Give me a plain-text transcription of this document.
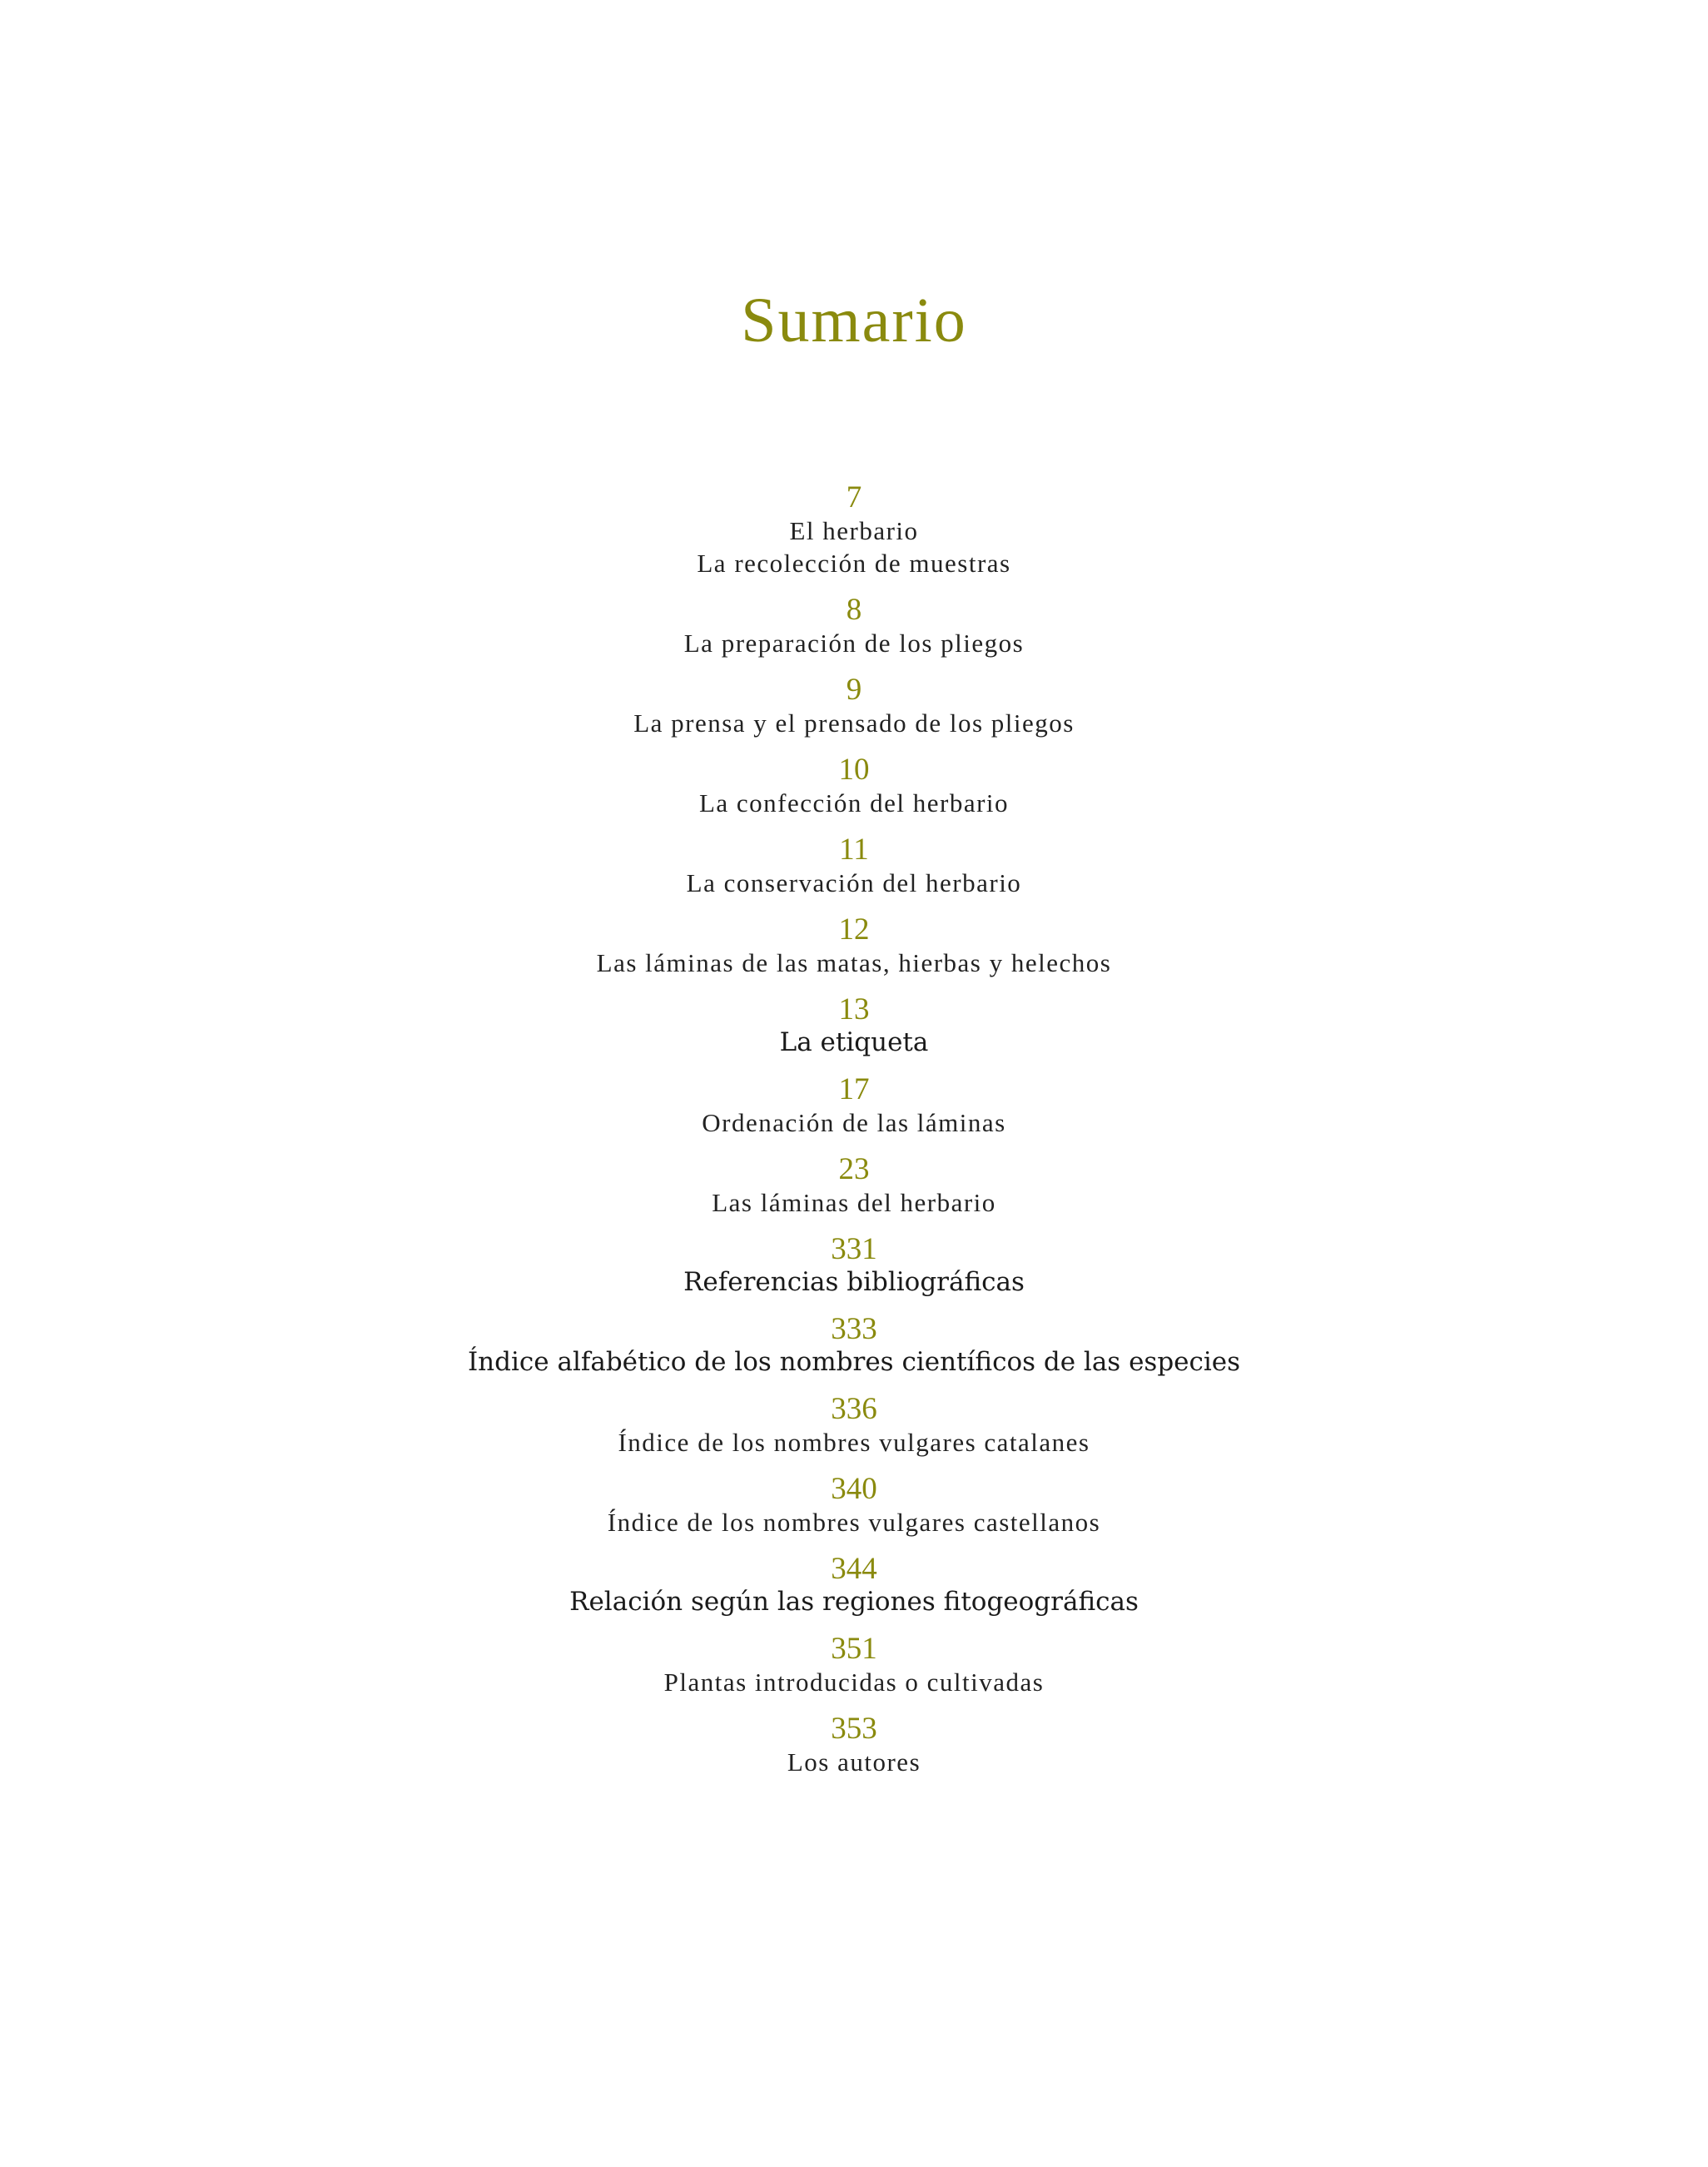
Sumario
7
El herbario
La recolección de muestras
8
La preparación de los pliegos
9
La prensa y el prensado de los pliegos
10
La confección del herbario
11
La conservación del herbario
12
Las láminas de las matas, hierbas y helechos
13
La etiqueta
17
Ordenación de las láminas
23
Las láminas del herbario
331
Referencias bibliográficas
333
Índice alfabético de los nombres científicos de las especies
336
Índice de los nombres vulgares catalanes
340
Índice de los nombres vulgares castellanos
344
Relación según las regiones fitogeográficas
351
Plantas introducidas o cultivadas
353
Los autores
